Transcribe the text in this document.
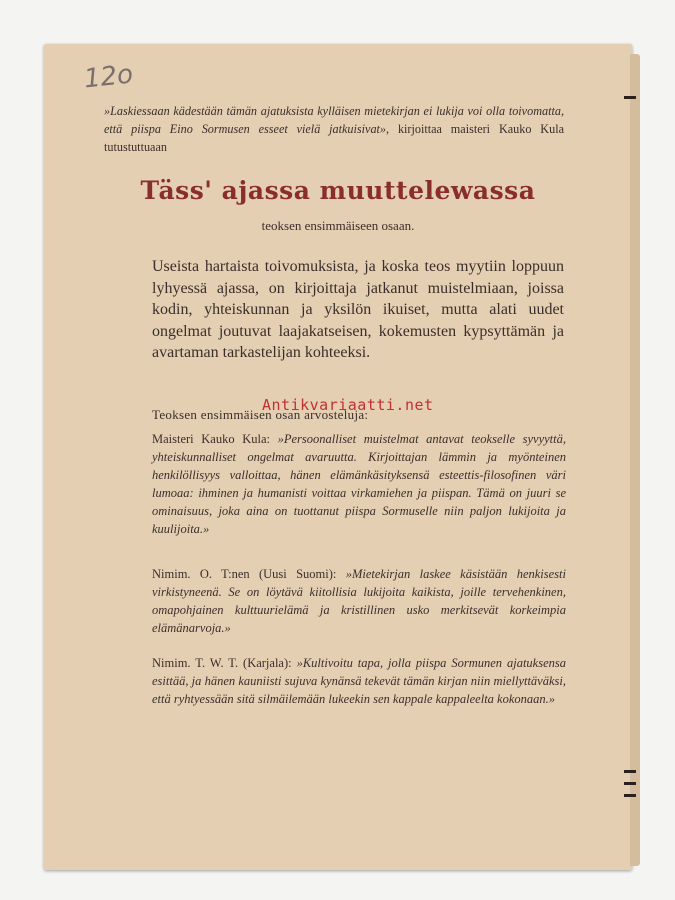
12o
»Laskiessaan kädestään tämän ajatuksista kylläisen mietekirjan ei lukija voi olla toivomatta, että piispa Eino Sormusen esseet vielä jatkuisivat», kirjoittaa maisteri Kauko Kula tutustuttuaan
Täss' ajassa muuttelewassa
teoksen ensimmäiseen osaan.
Useista hartaista toivomuksista, ja koska teos myytiin loppuun lyhyessä ajassa, on kirjoittaja jatkanut muistelmiaan, joissa kodin, yhteiskunnan ja yksilön ikuiset, mutta alati uudet ongelmat joutuvat laajakatseisen, kokemusten kypsyttämän ja avartaman tarkastelijan kohteeksi.
Antikvariaatti.net
Teoksen ensimmäisen osan arvosteluja:
Maisteri Kauko Kula: »Persoonalliset muistelmat antavat teokselle syvyyttä, yhteiskunnalliset ongelmat avaruutta. Kirjoittajan lämmin ja myönteinen henkilöllisyys valloittaa, hänen elämänkäsityksensä esteettis-filosofinen väri lumoaa: ihminen ja humanisti voittaa virkamiehen ja piispan. Tämä on juuri se ominaisuus, joka aina on tuottanut piispa Sormuselle niin paljon lukijoita ja kuulijoita.»
Nimim. O. T:nen (Uusi Suomi): »Mietekirjan laskee käsistään henkisesti virkistyneenä. Se on löytävä kiitollisia lukijoita kaikista, joille tervehenkinen, omapohjainen kulttuurielämä ja kristillinen usko merkitsevät korkeimpia elämänarvoja.»
Nimim. T. W. T. (Karjala): »Kultivoitu tapa, jolla piispa Sormunen ajatuksensa esittää, ja hänen kauniisti sujuva kynänsä tekevät tämän kirjan niin miellyttäväksi, että ryhtyessään sitä silmäilemään lukeekin sen kappale kappaleelta kokonaan.»
